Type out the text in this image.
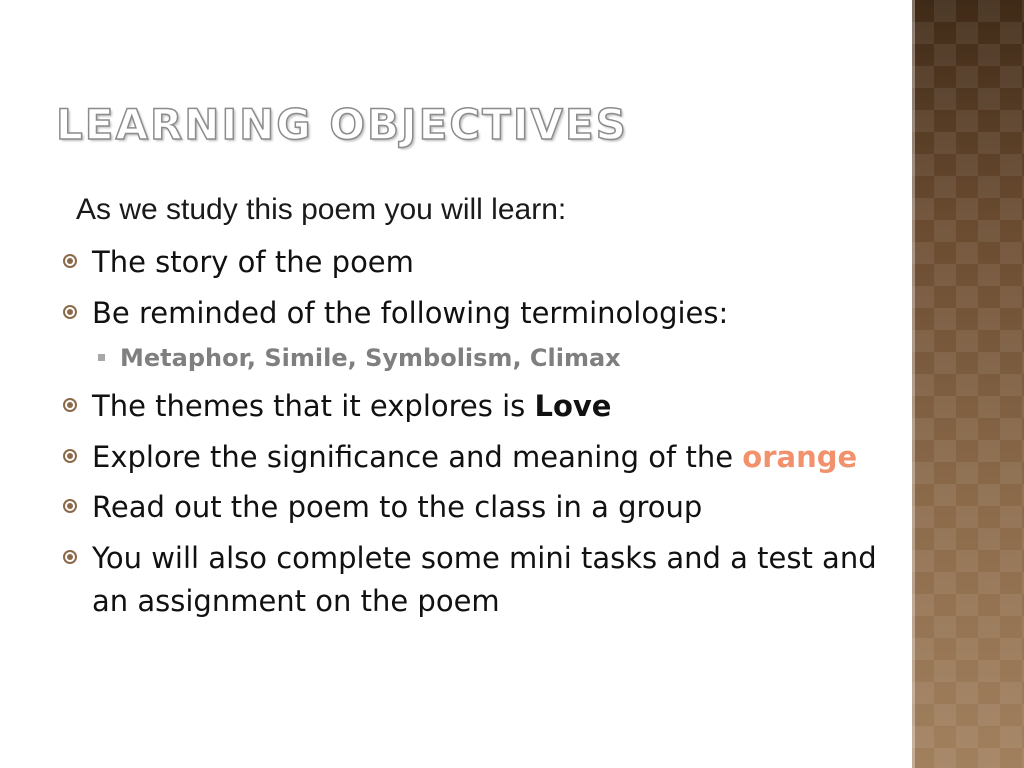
LEARNING OBJECTIVES
As we study this poem you will learn:
The story of the poem
Be reminded of the following terminologies:
Metaphor, Simile, Symbolism, Climax
The themes that it explores is Love
Explore the significance and meaning of the orange
Read out the poem to the class in a group
You will also complete some mini tasks and a test and an assignment on the poem
